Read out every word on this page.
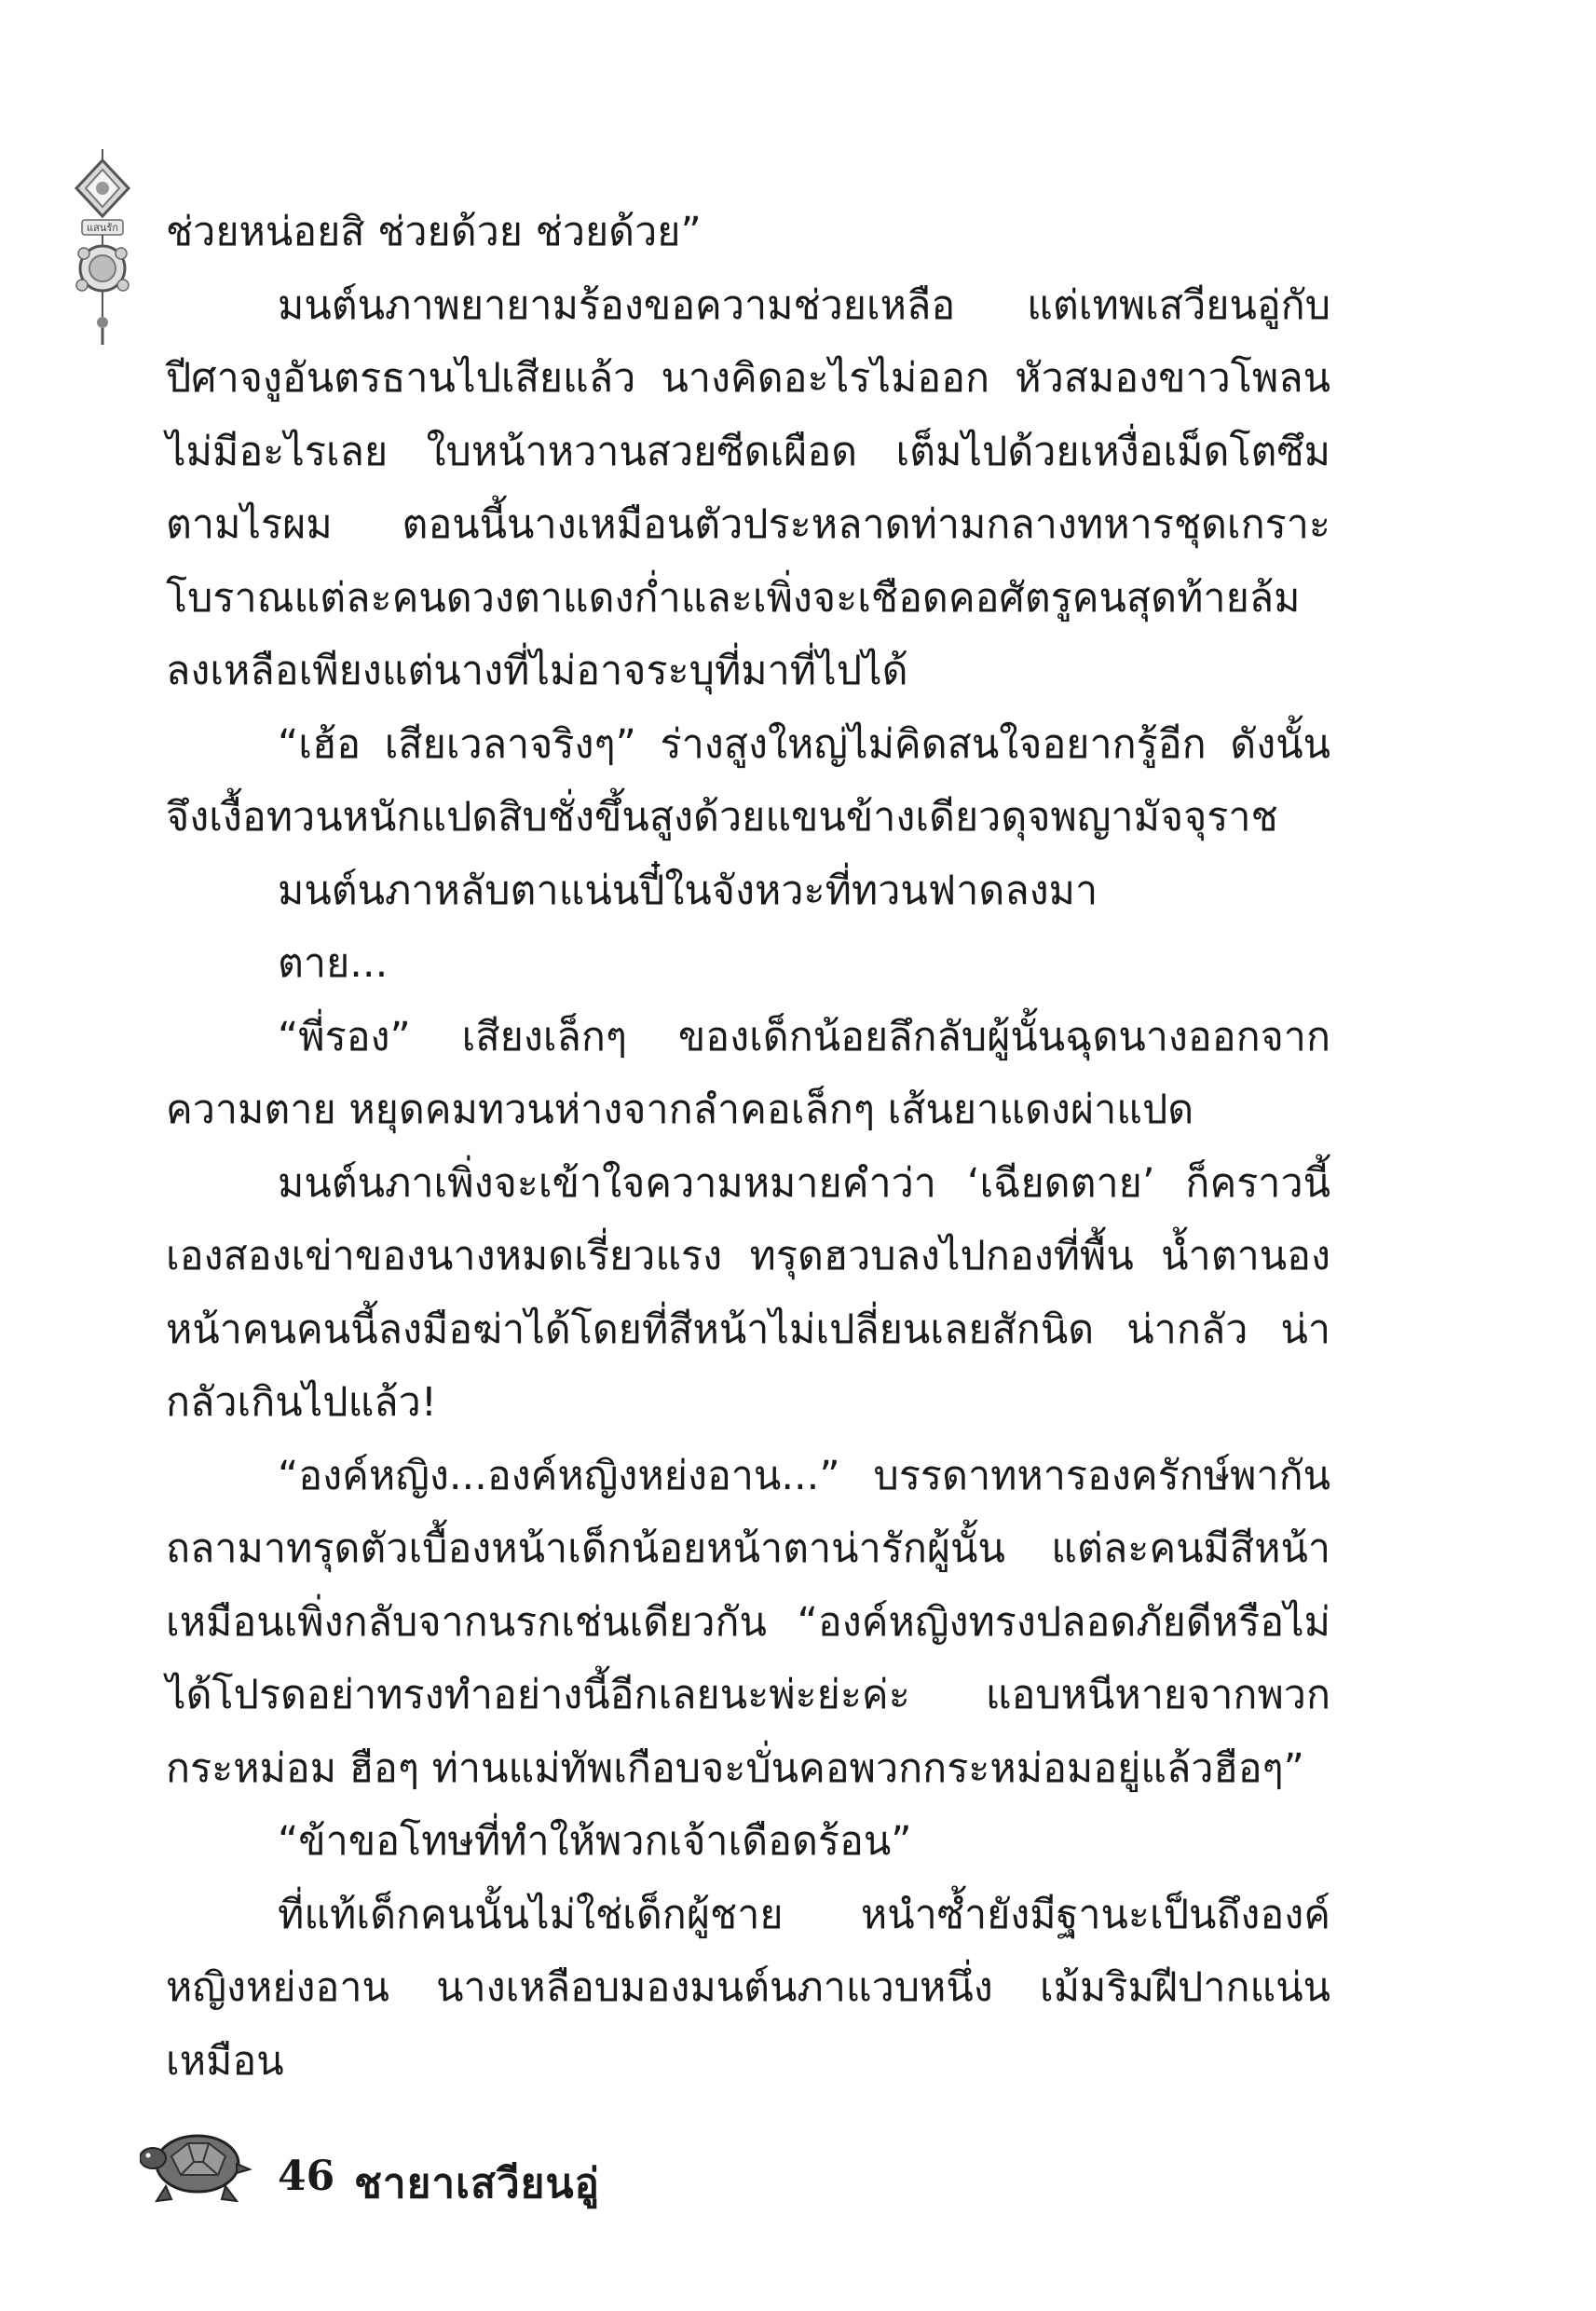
แสนรัก ช่วยหน่อยสิ ช่วยด้วย ช่วยด้วย”

มนต์นภาพยายามร้องขอความช่วยเหลือ แต่เทพเสวียนอู่กับปีศาจงูอันตรธานไปเสียแล้ว นางคิดอะไรไม่ออก หัวสมองขาวโพลนไม่มีอะไรเลย ใบหน้าหวานสวยซีดเผือด เต็มไปด้วยเหงื่อเม็ดโตซึมตามไรผม ตอนนี้นางเหมือนตัวประหลาดท่ามกลางทหารชุดเกราะโบราณแต่ละคนดวงตาแดงก่ำและเพิ่งจะเชือดคอศัตรูคนสุดท้ายล้มลงเหลือเพียงแต่นางที่ไม่อาจระบุที่มาที่ไปได้

“เฮ้อ เสียเวลาจริงๆ” ร่างสูงใหญ่ไม่คิดสนใจอยากรู้อีก ดังนั้นจึงเงื้อทวนหนักแปดสิบชั่งขึ้นสูงด้วยแขนข้างเดียวดุจพญามัจจุราช

มนต์นภาหลับตาแน่นปี๋ในจังหวะที่ทวนฟาดลงมา

ตาย...

“พี่รอง” เสียงเล็กๆ ของเด็กน้อยลึกลับผู้นั้นฉุดนางออกจากความตาย หยุดคมทวนห่างจากลำคอเล็กๆ เส้นยาแดงผ่าแปด

มนต์นภาเพิ่งจะเข้าใจความหมายคำว่า ‘เฉียดตาย’ ก็คราวนี้เองสองเข่าของนางหมดเรี่ยวแรง ทรุดฮวบลงไปกองที่พื้น น้ำตานองหน้าคนคนนี้ลงมือฆ่าได้โดยที่สีหน้าไม่เปลี่ยนเลยสักนิด น่ากลัว น่ากลัวเกินไปแล้ว!

“องค์หญิง...องค์หญิงหย่งอาน...” บรรดาทหารองครักษ์พากันถลามาทรุดตัวเบื้องหน้าเด็กน้อยหน้าตาน่ารักผู้นั้น แต่ละคนมีสีหน้าเหมือนเพิ่งกลับจากนรกเช่นเดียวกัน “องค์หญิงทรงปลอดภัยดีหรือไม่ได้โปรดอย่าทรงทำอย่างนี้อีกเลยนะพ่ะย่ะค่ะ แอบหนีหายจากพวกกระหม่อม ฮือๆ ท่านแม่ทัพเกือบจะบั่นคอพวกกระหม่อมอยู่แล้วฮือๆ”

“ข้าขอโทษที่ทำให้พวกเจ้าเดือดร้อน”

ที่แท้เด็กคนนั้นไม่ใช่เด็กผู้ชาย หนำซ้ำยังมีฐานะเป็นถึงองค์หญิงหย่งอาน นางเหลือบมองมนต์นภาแวบหนึ่ง เม้มริมฝีปากแน่นเหมือน

46 ชายาเสวียนอู่
